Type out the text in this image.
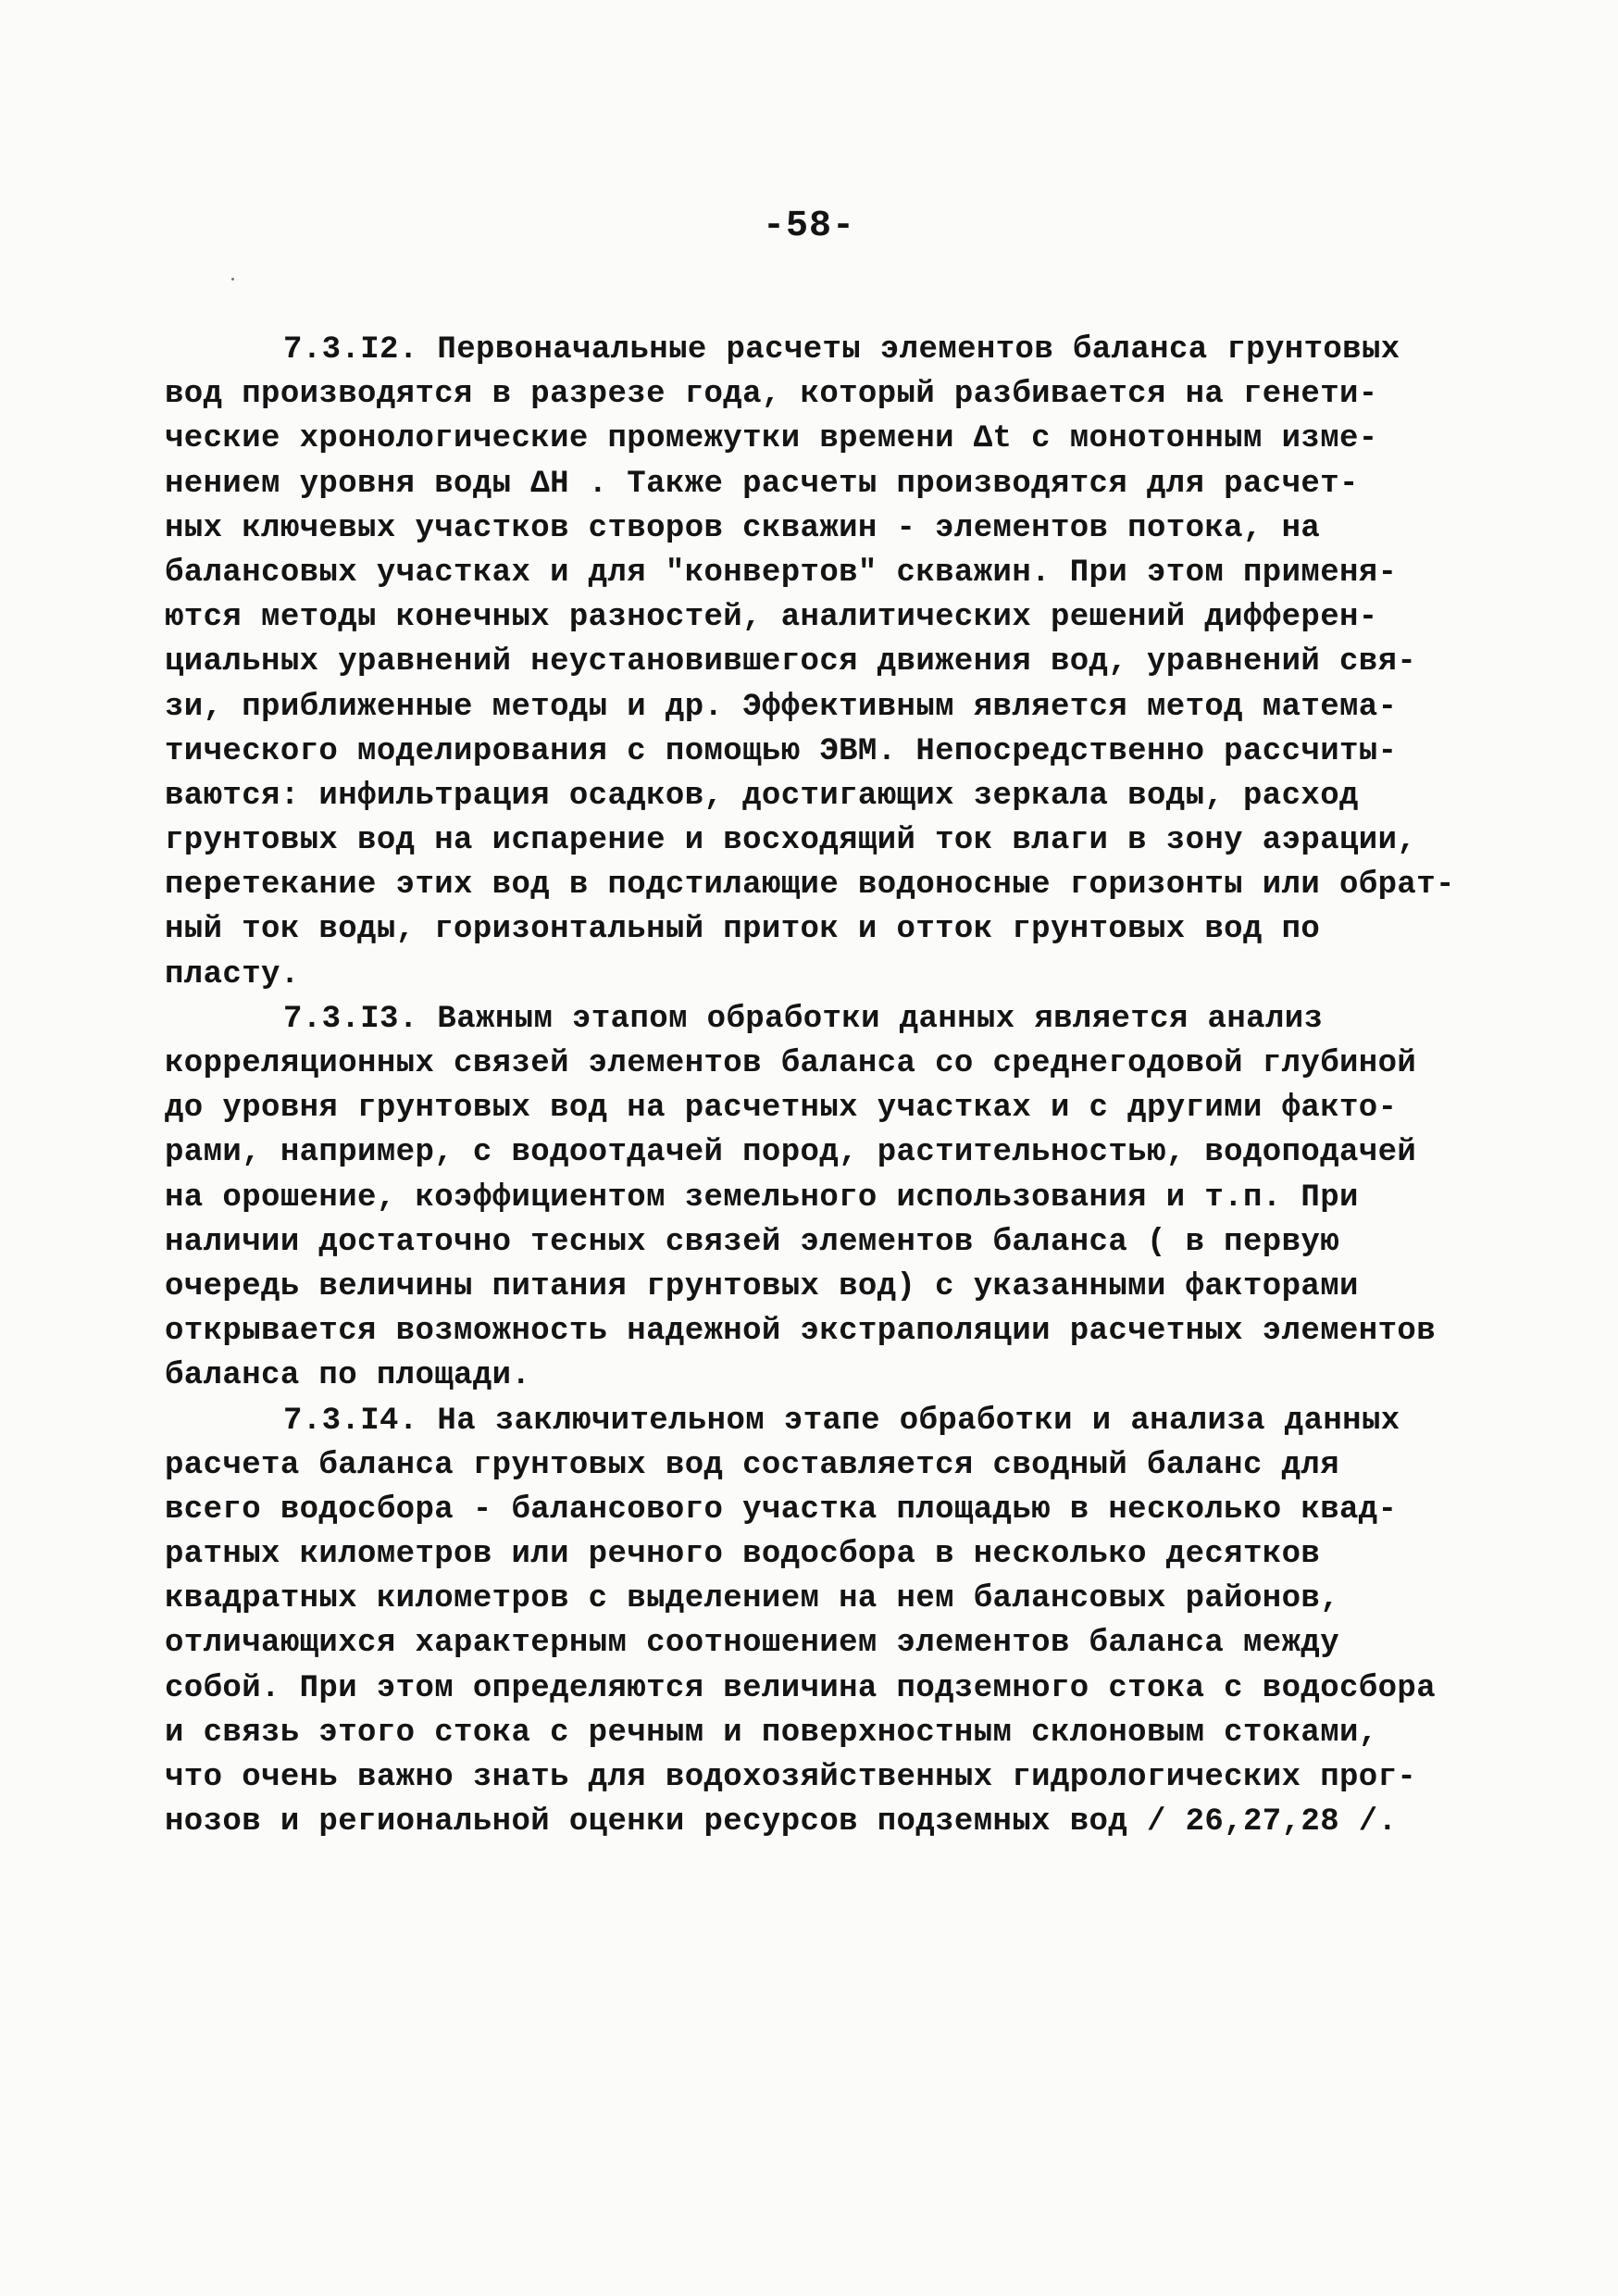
-58-
7.3.I2. Первоначальные расчеты элементов баланса грунтовых
вод производятся в разрезе года, который разбивается на генети-
ческие хронологические промежутки времени Δt с монотонным изме-
нением уровня воды ΔH . Также расчеты производятся для расчет-
ных ключевых участков створов скважин - элементов потока, на
балансовых участках и для "конвертов" скважин. При этом применя-
ются методы конечных разностей, аналитических решений дифферен-
циальных уравнений неустановившегося движения вод, уравнений свя-
зи, приближенные методы и др. Эффективным является метод матема-
тического моделирования с помощью ЭВМ. Непосредственно рассчиты-
ваются: инфильтрация осадков, достигающих зеркала воды, расход
грунтовых вод на испарение и восходящий ток влаги в зону аэрации,
перетекание этих вод в подстилающие водоносные горизонты или обрат-
ный ток воды, горизонтальный приток и отток грунтовых вод по
пласту.
7.3.I3. Важным этапом обработки данных является анализ
корреляционных связей элементов баланса со среднегодовой глубиной
до уровня грунтовых вод на расчетных участках и с другими факто-
рами, например, с водоотдачей пород, растительностью, водоподачей
на орошение, коэффициентом земельного использования и т.п. При
наличии достаточно тесных связей элементов баланса ( в первую
очередь величины питания грунтовых вод) с указанными факторами
открывается возможность надежной экстраполяции расчетных элементов
баланса по площади.
7.3.I4. На заключительном этапе обработки и анализа данных
расчета баланса грунтовых вод составляется сводный баланс для
всего водосбора - балансового участка площадью в несколько квад-
ратных километров или речного водосбора в несколько десятков
квадратных километров с выделением на нем балансовых районов,
отличающихся характерным соотношением элементов баланса между
собой. При этом определяются величина подземного стока с водосбора
и связь этого стока с речным и поверхностным склоновым стоками,
что очень важно знать для водохозяйственных гидрологических прог-
нозов и региональной оценки ресурсов подземных вод / 26,27,28 /.
